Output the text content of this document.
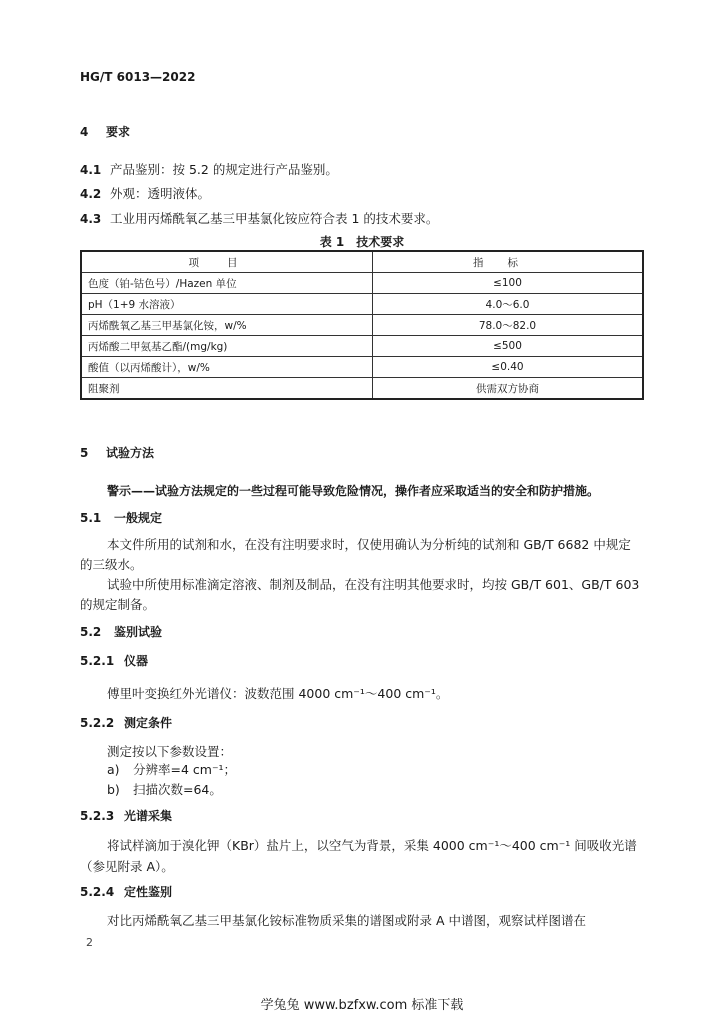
HG/T 6013—2022
4 要求
4.1 产品鉴别：按 5.2 的规定进行产品鉴别。
4.2 外观：透明液体。
4.3 工业用丙烯酰氧乙基三甲基氯化铵应符合表 1 的技术要求。
表 1　技术要求
项目	指标
色度（铂-钴色号）/Hazen 单位	≤100
pH（1+9 水溶液）	4.0～6.0
丙烯酰氧乙基三甲基氯化铵，w/%	78.0～82.0
丙烯酸二甲氨基乙酯/(mg/kg)	≤500
酸值（以丙烯酸计），w/%	≤0.40
阻聚剂	供需双方协商
5 试验方法
警示——试验方法规定的一些过程可能导致危险情况，操作者应采取适当的安全和防护措施。
5.1 一般规定
本文件所用的试剂和水，在没有注明要求时，仅使用确认为分析纯的试剂和 GB/T 6682 中规定
的三级水。
试验中所使用标准滴定溶液、制剂及制品，在没有注明其他要求时，均按 GB/T 601、GB/T 603
的规定制备。
5.2 鉴别试验
5.2.1 仪器
傅里叶变换红外光谱仪：波数范围 4000 cm⁻¹～400 cm⁻¹。
5.2.2 测定条件
测定按以下参数设置：
a) 分辨率=4 cm⁻¹；
b) 扫描次数=64。
5.2.3 光谱采集
将试样滴加于溴化钾（KBr）盐片上，以空气为背景，采集 4000 cm⁻¹～400 cm⁻¹ 间吸收光谱
（参见附录 A）。
5.2.4 定性鉴别
对比丙烯酰氧乙基三甲基氯化铵标准物质采集的谱图或附录 A 中谱图，观察试样图谱在
2
学兔兔 www.bzfxw.com 标准下载
